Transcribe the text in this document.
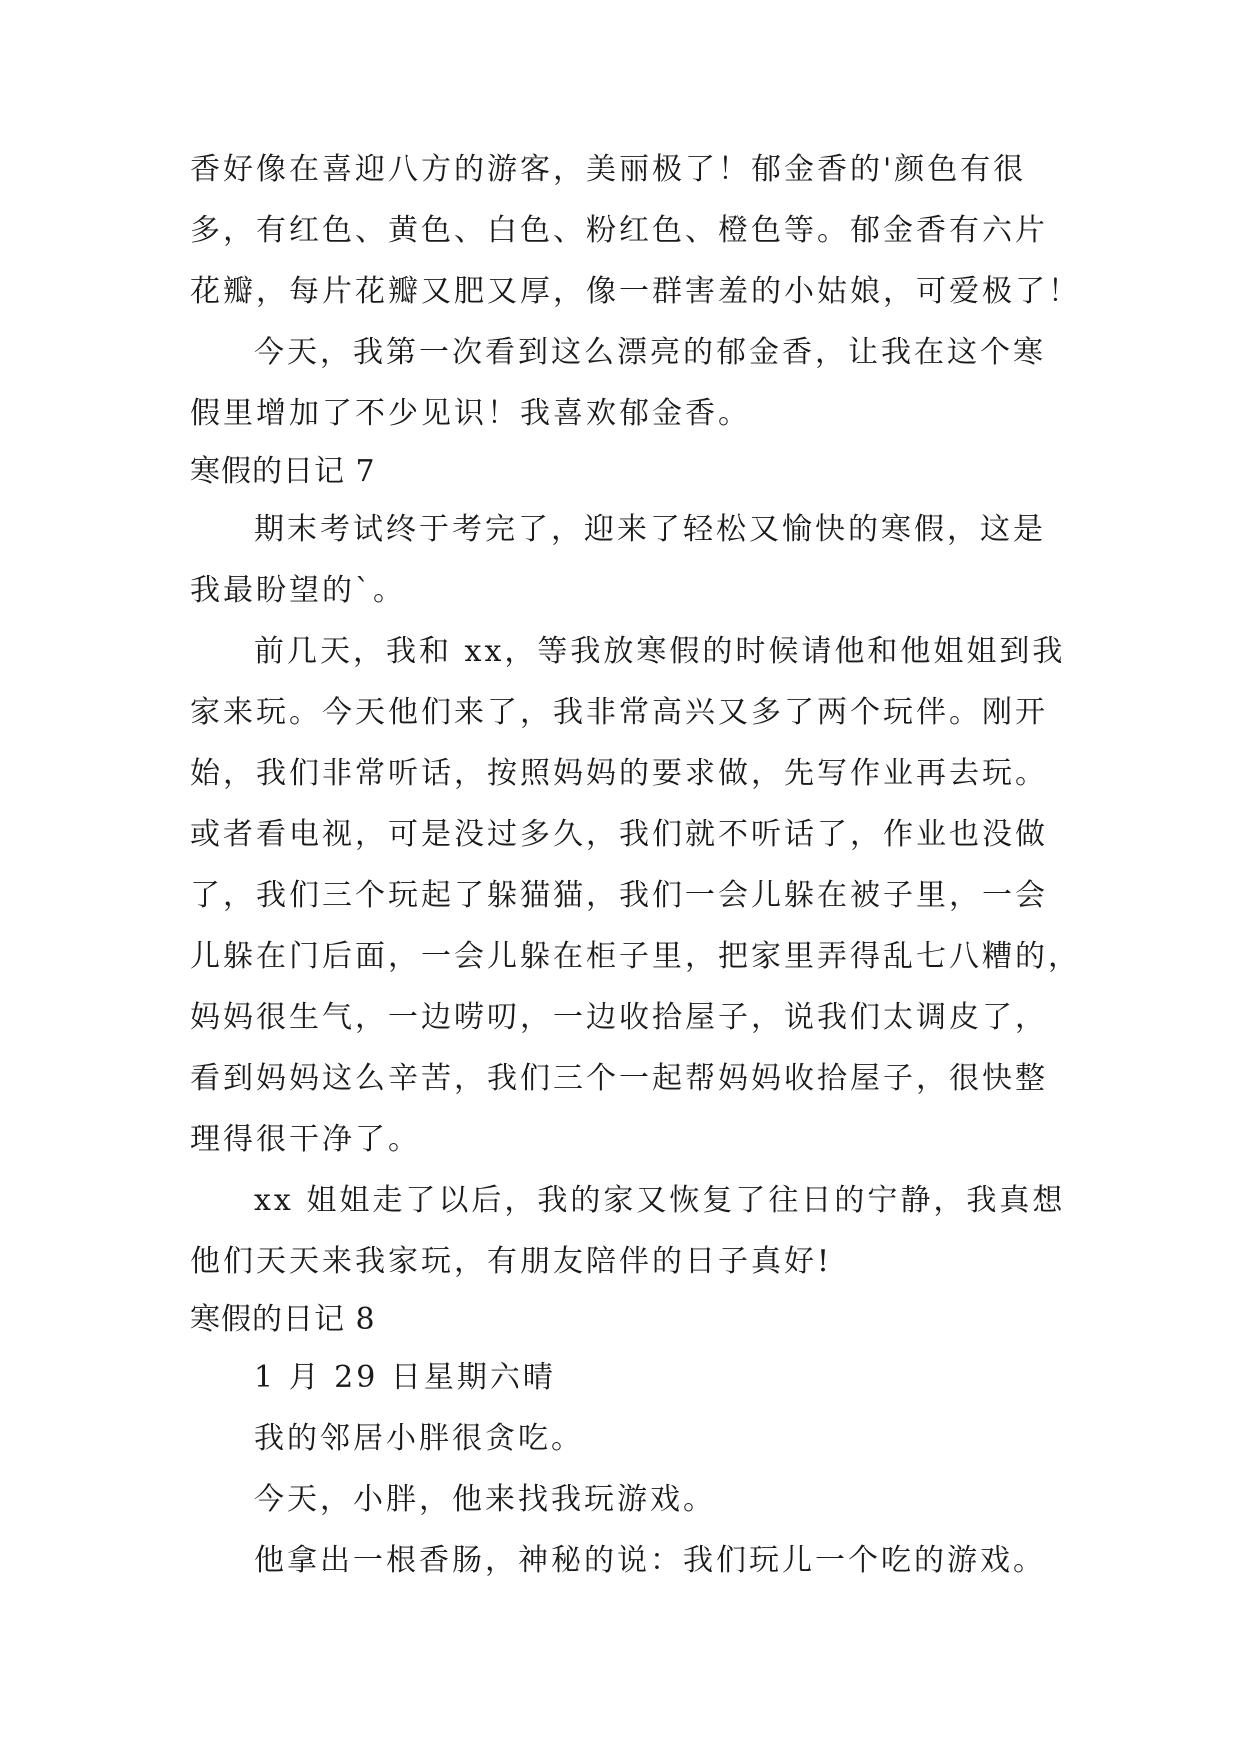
香好像在喜迎八方的游客，美丽极了！郁金香的'颜色有很
多，有红色、黄色、白色、粉红色、橙色等。郁金香有六片
花瓣，每片花瓣又肥又厚，像一群害羞的小姑娘，可爱极了！
今天，我第一次看到这么漂亮的郁金香，让我在这个寒
假里增加了不少见识！我喜欢郁金香。
寒假的日记 7
期末考试终于考完了，迎来了轻松又愉快的寒假，这是
我最盼望的`。
前几天，我和 xx，等我放寒假的时候请他和他姐姐到我
家来玩。今天他们来了，我非常高兴又多了两个玩伴。刚开
始，我们非常听话，按照妈妈的要求做，先写作业再去玩。
或者看电视，可是没过多久，我们就不听话了，作业也没做
了，我们三个玩起了躲猫猫，我们一会儿躲在被子里，一会
儿躲在门后面，一会儿躲在柜子里，把家里弄得乱七八糟的，
妈妈很生气，一边唠叨，一边收拾屋子，说我们太调皮了，
看到妈妈这么辛苦，我们三个一起帮妈妈收拾屋子，很快整
理得很干净了。
xx 姐姐走了以后，我的家又恢复了往日的宁静，我真想
他们天天来我家玩，有朋友陪伴的日子真好!
寒假的日记 8
1 月 29 日星期六晴
我的邻居小胖很贪吃。
今天，小胖，他来找我玩游戏。
他拿出一根香肠，神秘的说：我们玩儿一个吃的游戏。
